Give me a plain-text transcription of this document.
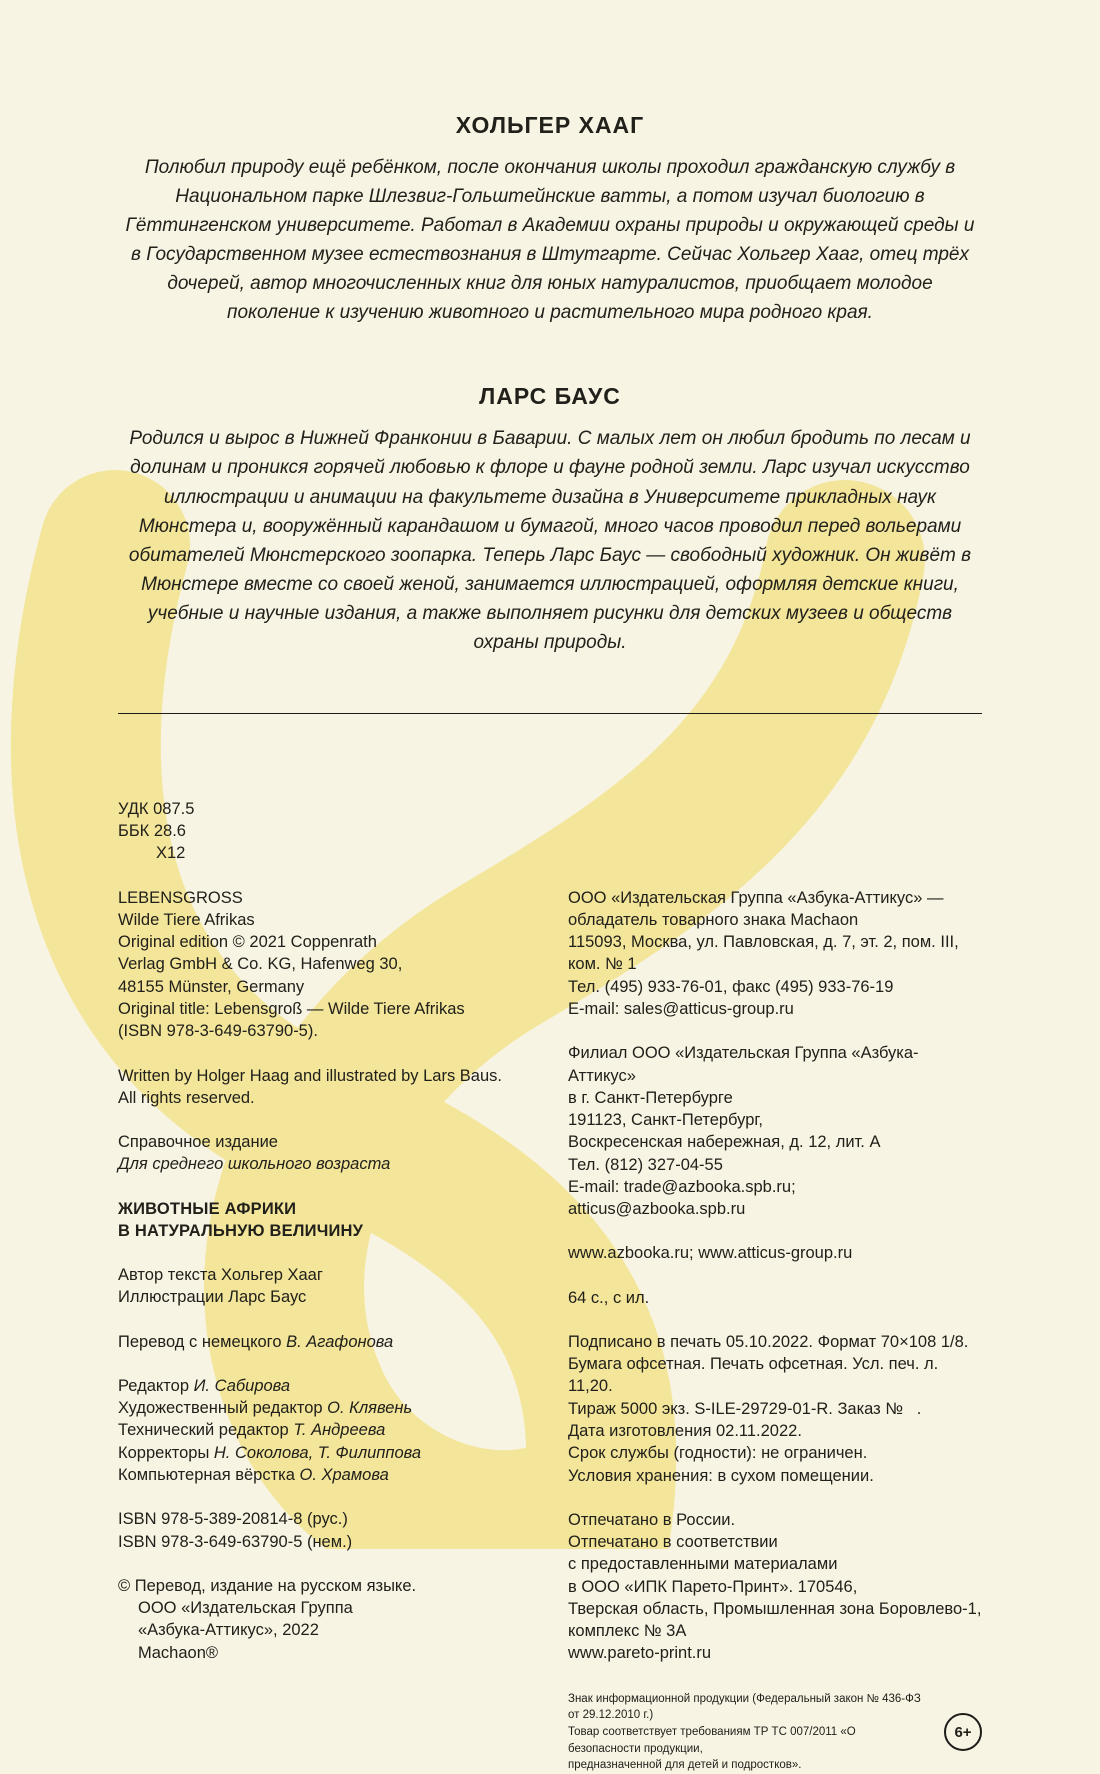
ХОЛЬГЕР ХААГ

Полюбил природу ещё ребёнком, после окончания школы проходил гражданскую службу в Национальном парке Шлезвиг-Гольштейнские ватты, а потом изучал биологию в Гёттингенском университете. Работал в Академии охраны природы и окружающей среды и в Государственном музее естествознания в Штутгарте. Сейчас Хольгер Хааг, отец трёх дочерей, автор многочисленных книг для юных натуралистов, приобщает молодое поколение к изучению животного и растительного мира родного края.

ЛАРС БАУС

Родился и вырос в Нижней Франконии в Баварии. С малых лет он любил бродить по лесам и долинам и проникся горячей любовью к флоре и фауне родной земли. Ларс изучал искусство иллюстрации и анимации на факультете дизайна в Университете прикладных наук Мюнстера и, вооружённый карандашом и бумагой, много часов проводил перед вольерами обитателей Мюнстерского зоопарка. Теперь Ларс Баус — свободный художник. Он живёт в Мюнстере вместе со своей женой, занимается иллюстрацией, оформляя детские книги, учебные и научные издания, а также выполняет рисунки для детских музеев и обществ охраны природы.

УДК 087.5
ББК 28.6
Х12
LEBENSGROSS
Wilde Tiere Afrikas
Original edition © 2021 Coppenrath
Verlag GmbH & Co. KG, Hafenweg 30,
48155 Münster, Germany
Original title: Lebensgroß — Wilde Tiere Afrikas
(ISBN 978-3-649-63790-5).
Written by Holger Haag and illustrated by Lars Baus.
All rights reserved.
Справочное издание
Для среднего школьного возраста
ЖИВОТНЫЕ АФРИКИ
В НАТУРАЛЬНУЮ ВЕЛИЧИНУ
Автор текста Хольгер Хааг
Иллюстрации Ларс Баус
Перевод с немецкого В. Агафонова
Редактор И. Сабирова
Художественный редактор О. Клявень
Технический редактор Т. Андреева
Корректоры Н. Соколова, Т. Филиппова
Компьютерная вёрстка О. Храмова
ISBN 978-5-389-20814-8 (рус.)
ISBN 978-3-649-63790-5 (нем.)
© Перевод, издание на русском языке.
ООО «Издательская Группа
«Азбука-Аттикус», 2022
Machaon®
ООО «Издательская Группа «Азбука-Аттикус» —
обладатель товарного знака Machaon
115093, Москва, ул. Павловская, д. 7, эт. 2, пом. III, ком. № 1
Тел. (495) 933-76-01, факс (495) 933-76-19
E-mail: sales@atticus-group.ru
Филиал ООО «Издательская Группа «Азбука-Аттикус»
в г. Санкт-Петербурге
191123, Санкт-Петербург,
Воскресенская набережная, д. 12, лит. А
Тел. (812) 327-04-55
E-mail: trade@azbooka.spb.ru;
atticus@azbooka.spb.ru
www.azbooka.ru; www.atticus-group.ru
64 с., с ил.
Подписано в печать 05.10.2022. Формат 70×108 1/8.
Бумага офсетная. Печать офсетная. Усл. печ. л. 11,20.
Тираж 5000 экз. S-ILE-29729-01-R. Заказ №   .
Дата изготовления 02.11.2022.
Срок службы (годности): не ограничен.
Условия хранения: в сухом помещении.
Отпечатано в России.
Отпечатано в соответствии
с предоставленными материалами
в ООО «ИПК Парето-Принт». 170546,
Тверская область, Промышленная зона Боровлево-1,
комплекс № 3А
www.pareto-print.ru
Знак информационной продукции (Федеральный закон № 436-ФЗ от 29.12.2010 г.)
Товар соответствует требованиям ТР ТС 007/2011 «О безопасности продукции,
предназначенной для детей и подростков».
6+
